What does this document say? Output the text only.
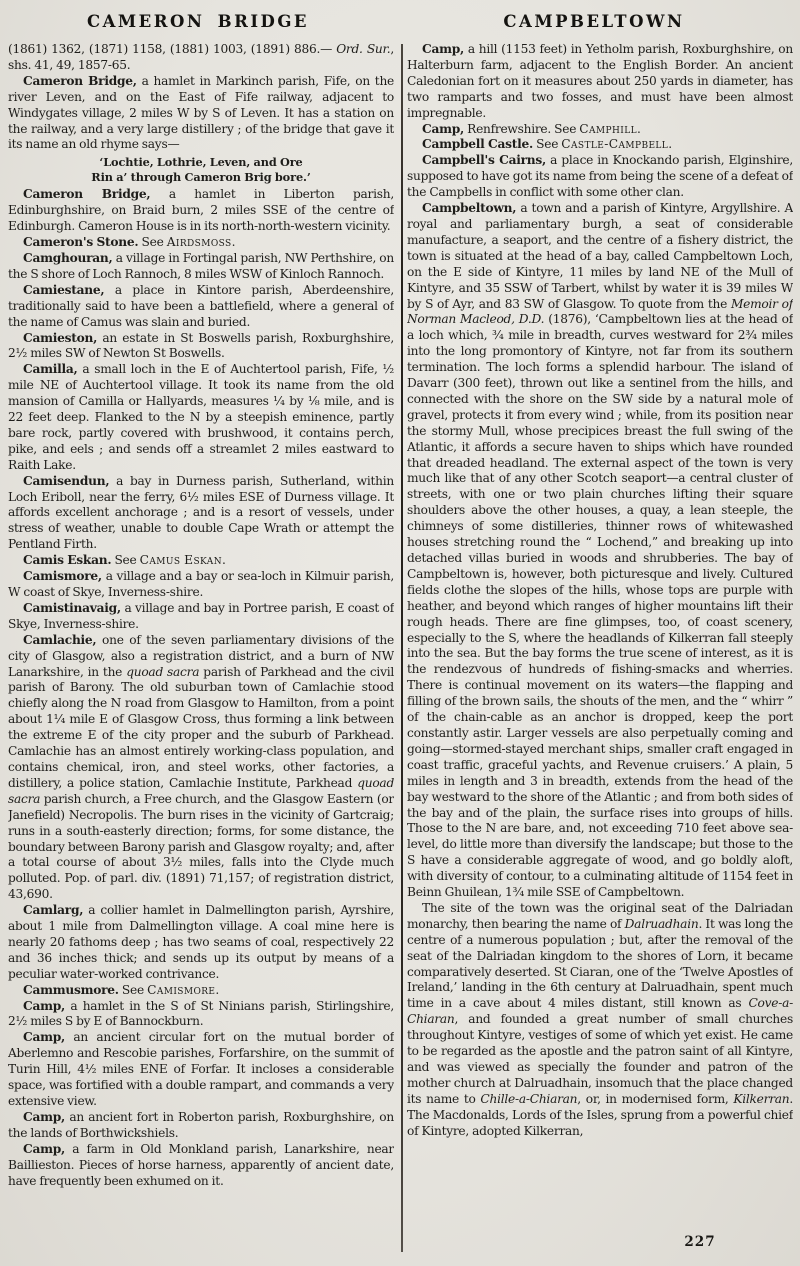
CAMERON BRIDGE	CAMPBELTOWN

(1861) 1362, (1871) 1158, (1881) 1003, (1891) 886.— Ord. Sur., shs. 41, 49, 1857-65.

Cameron Bridge, a hamlet in Markinch parish, Fife, on the river Leven, and on the East of Fife railway, adjacent to Windygates village, 2 miles W by S of Leven. It has a station on the railway, and a very large distillery ; of the bridge that gave it its name an old rhyme says—

‘Lochtie, Lothrie, Leven, and Ore
Rin a’ through Cameron Brig bore.’

Cameron Bridge, a hamlet in Liberton parish, Edinburghshire, on Braid burn, 2 miles SSE of the centre of Edinburgh. Cameron House is in its north-north-western vicinity.

Cameron's Stone. See Airdsmoss.

Camghouran, a village in Fortingal parish, NW Perthshire, on the S shore of Loch Rannoch, 8 miles WSW of Kinloch Rannoch.

Camiestane, a place in Kintore parish, Aberdeenshire, traditionally said to have been a battlefield, where a general of the name of Camus was slain and buried.

Camieston, an estate in St Boswells parish, Roxburghshire, 2½ miles SW of Newton St Boswells.

Camilla, a small loch in the E of Auchtertool parish, Fife, ½ mile NE of Auchtertool village. It took its name from the old mansion of Camilla or Hallyards, measures ¼ by ⅛ mile, and is 22 feet deep. Flanked to the N by a steepish eminence, partly bare rock, partly covered with brushwood, it contains perch, pike, and eels ; and sends off a streamlet 2 miles eastward to Raith Lake.

Camisendun, a bay in Durness parish, Sutherland, within Loch Eriboll, near the ferry, 6½ miles ESE of Durness village. It affords excellent anchorage ; and is a resort of vessels, under stress of weather, unable to double Cape Wrath or attempt the Pentland Firth.

Camis Eskan. See Camus Eskan.

Camismore, a village and a bay or sea-loch in Kilmuir parish, W coast of Skye, Inverness-shire.

Camistinavaig, a village and bay in Portree parish, E coast of Skye, Inverness-shire.

Camlachie, one of the seven parliamentary divisions of the city of Glasgow, also a registration district, and a burn of NW Lanarkshire, in the quoad sacra parish of Parkhead and the civil parish of Barony. The old suburban town of Camlachie stood chiefly along the N road from Glasgow to Hamilton, from a point about 1¼ mile E of Glasgow Cross, thus forming a link between the extreme E of the city proper and the suburb of Parkhead. Camlachie has an almost entirely working-class population, and contains chemical, iron, and steel works, other factories, a distillery, a police station, Camlachie Institute, Parkhead quoad sacra parish church, a Free church, and the Glasgow Eastern (or Janefield) Necropolis. The burn rises in the vicinity of Gartcraig; runs in a south-easterly direction; forms, for some distance, the boundary between Barony parish and Glasgow royalty; and, after a total course of about 3½ miles, falls into the Clyde much polluted. Pop. of parl. div. (1891) 71,157; of registration district, 43,690.

Camlarg, a collier hamlet in Dalmellington parish, Ayrshire, about 1 mile from Dalmellington village. A coal mine here is nearly 20 fathoms deep ; has two seams of coal, respectively 22 and 36 inches thick; and sends up its output by means of a peculiar water-worked contrivance.

Cammusmore. See Camismore.

Camp, a hamlet in the S of St Ninians parish, Stirlingshire, 2½ miles S by E of Bannockburn.

Camp, an ancient circular fort on the mutual border of Aberlemno and Rescobie parishes, Forfarshire, on the summit of Turin Hill, 4½ miles ENE of Forfar. It incloses a considerable space, was fortified with a double rampart, and commands a very extensive view.

Camp, an ancient fort in Roberton parish, Roxburghshire, on the lands of Borthwickshiels.

Camp, a farm in Old Monkland parish, Lanarkshire, near Baillieston. Pieces of horse harness, apparently of ancient date, have frequently been exhumed on it.

Camp, a hill (1153 feet) in Yetholm parish, Roxburghshire, on Halterburn farm, adjacent to the English Border. An ancient Caledonian fort on it measures about 250 yards in diameter, has two ramparts and two fosses, and must have been almost impregnable.

Camp, Renfrewshire. See Camphill.

Campbell Castle. See Castle-Campbell.

Campbell's Cairns, a place in Knockando parish, Elginshire, supposed to have got its name from being the scene of a defeat of the Campbells in conflict with some other clan.

Campbeltown, a town and a parish of Kintyre, Argyllshire. A royal and parliamentary burgh, a seat of considerable manufacture, a seaport, and the centre of a fishery district, the town is situated at the head of a bay, called Campbeltown Loch, on the E side of Kintyre, 11 miles by land NE of the Mull of Kintyre, and 35 SSW of Tarbert, whilst by water it is 39 miles W by S of Ayr, and 83 SW of Glasgow. To quote from the Memoir of Norman Macleod, D.D. (1876), ‘Campbeltown lies at the head of a loch which, ¾ mile in breadth, curves westward for 2¾ miles into the long promontory of Kintyre, not far from its southern termination. The loch forms a splendid harbour. The island of Davarr (300 feet), thrown out like a sentinel from the hills, and connected with the shore on the SW side by a natural mole of gravel, protects it from every wind ; while, from its position near the stormy Mull, whose precipices breast the full swing of the Atlantic, it affords a secure haven to ships which have rounded that dreaded headland. The external aspect of the town is very much like that of any other Scotch seaport—a central cluster of streets, with one or two plain churches lifting their square shoulders above the other houses, a quay, a lean steeple, the chimneys of some distilleries, thinner rows of whitewashed houses stretching round the “ Lochend,” and breaking up into detached villas buried in woods and shrubberies. The bay of Campbeltown is, however, both picturesque and lively. Cultured fields clothe the slopes of the hills, whose tops are purple with heather, and beyond which ranges of higher mountains lift their rough heads. There are fine glimpses, too, of coast scenery, especially to the S, where the headlands of Kilkerran fall steeply into the sea. But the bay forms the true scene of interest, as it is the rendezvous of hundreds of fishing-smacks and wherries. There is continual movement on its waters—the flapping and filling of the brown sails, the shouts of the men, and the “ whirr ” of the chain-cable as an anchor is dropped, keep the port constantly astir. Larger vessels are also perpetually coming and going—stormed-stayed merchant ships, smaller craft engaged in coast traffic, graceful yachts, and Revenue cruisers.’ A plain, 5 miles in length and 3 in breadth, extends from the head of the bay westward to the shore of the Atlantic ; and from both sides of the bay and of the plain, the surface rises into groups of hills. Those to the N are bare, and, not exceeding 710 feet above sea-level, do little more than diversify the landscape; but those to the S have a considerable aggregate of wood, and go boldly aloft, with diversity of contour, to a culminating altitude of 1154 feet in Beinn Ghuilean, 1¾ mile SSE of Campbeltown.

The site of the town was the original seat of the Dalriadan monarchy, then bearing the name of Dalruadhain. It was long the centre of a numerous population ; but, after the removal of the seat of the Dalriadan kingdom to the shores of Lorn, it became comparatively deserted. St Ciaran, one of the ‘Twelve Apostles of Ireland,’ landing in the 6th century at Dalruadhain, spent much time in a cave about 4 miles distant, still known as Cove-a-Chiaran, and founded a great number of small churches throughout Kintyre, vestiges of some of which yet exist. He came to be regarded as the apostle and the patron saint of all Kintyre, and was viewed as specially the founder and patron of the mother church at Dalruadhain, insomuch that the place changed its name to Chille-a-Chiaran, or, in modernised form, Kilkerran. The Macdonalds, Lords of the Isles, sprung from a powerful chief of Kintyre, adopted Kilkerran,

227
